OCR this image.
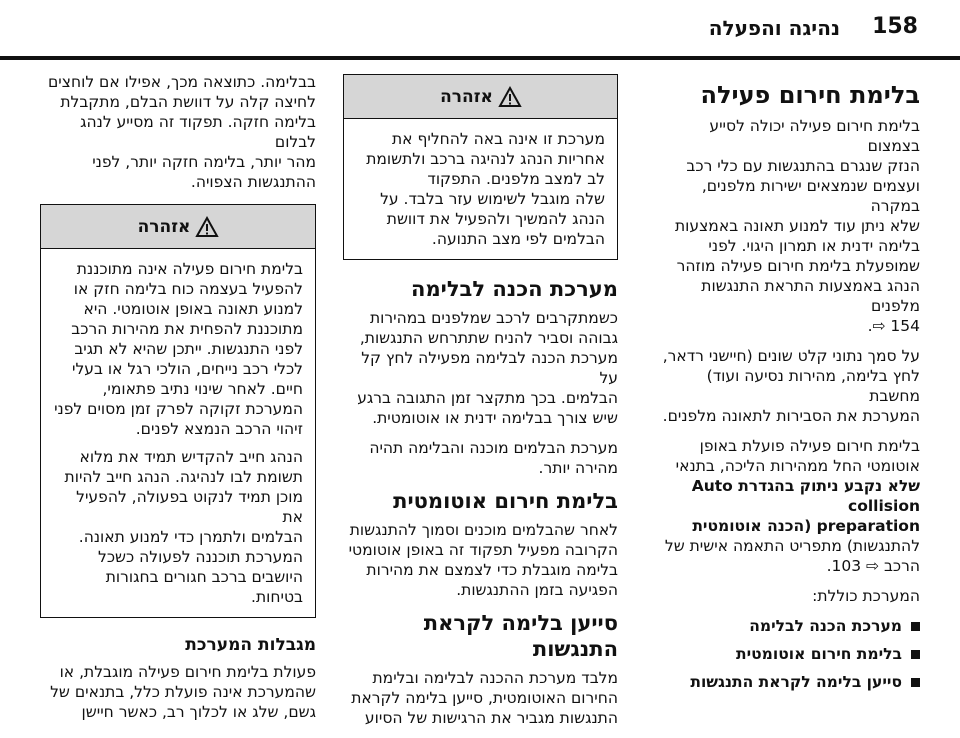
נהיגה והפעלה 158
בלימת חירום פעילה
בלימת חירום פעילה יכולה לסייע בצמצום
הנזק שנגרם בהתנגשות עם כלי רכב
ועצמים שנמצאים ישירות מלפנים, במקרה
שלא ניתן עוד למנוע תאונה באמצעות
בלימה ידנית או תמרון היגוי. לפני
שמופעלת בלימת חירום פעילה מוזהר
הנהג באמצעות התראת התנגשות מלפנים
154 ⇨.
על סמך נתוני קלט שונים (חיישני רדאר,
לחץ בלימה, מהירות נסיעה ועוד) מחשבת
המערכת את הסבירות לתאונה מלפנים.
בלימת חירום פעילה פועלת באופן
אוטומטי החל ממהירות הליכה, בתנאי
שלא נקבע ניתוק בהגדרת Auto collision
preparation (הכנה אוטומטית
להתנגשות) מתפריט התאמה אישית של
הרכב ⇨ 103.
המערכת כוללת:
מערכת הכנה לבלימה
בלימת חירום אוטומטית
סייען בלימה לקראת התנגשות
אזהרה
מערכת זו אינה באה להחליף את
אחריות הנהג לנהיגה ברכב ולתשומת
לב למצב מלפנים. התפקוד
שלה מוגבל לשימוש עזר בלבד. על
הנהג להמשיך ולהפעיל את דוושת
הבלמים לפי מצב התנועה.
מערכת הכנה לבלימה
כשמתקרבים לרכב שמלפנים במהירות
גבוהה וסביר להניח שתתרחש התנגשות,
מערכת הכנה לבלימה מפעילה לחץ קל על
הבלמים. בכך מתקצר זמן התגובה ברגע
שיש צורך בבלימה ידנית או אוטומטית.
מערכת הבלמים מוכנה והבלימה תהיה
מהירה יותר.
בלימת חירום אוטומטית
לאחר שהבלמים מוכנים וסמוך להתנגשות
הקרובה מפעיל תפקוד זה באופן אוטומטי
בלימה מוגבלת כדי לצמצם את מהירות
הפגיעה בזמן ההתנגשות.
סייען בלימה לקראת התנגשות
מלבד מערכת ההכנה לבלימה ובלימת
החירום האוטומטית, סייען בלימה לקראת
התנגשות מגביר את הרגישות של הסיוע
בבלימה. כתוצאה מכך, אפילו אם לוחצים
לחיצה קלה על דוושת הבלם, מתקבלת
בלימה חזקה. תפקוד זה מסייע לנהג לבלום
מהר יותר, בלימה חזקה יותר, לפני
ההתנגשות הצפויה.
אזהרה
בלימת חירום פעילה אינה מתוכננת
להפעיל בעצמה כוח בלימה חזק או
למנוע תאונה באופן אוטומטי. היא
מתוכננת להפחית את מהירות הרכב
לפני התנגשות. ייתכן שהיא לא תגיב
לכלי רכב נייחים, הולכי רגל או בעלי
חיים. לאחר שינוי נתיב פתאומי,
המערכת זקוקה לפרק זמן מסוים לפני
זיהוי הרכב הנמצא לפנים.
הנהג חייב להקדיש תמיד את מלוא
תשומת לבו לנהיגה. הנהג חייב להיות
מוכן תמיד לנקוט בפעולה, להפעיל את
הבלמים ולתמרן כדי למנוע תאונה.
המערכת תוכננה לפעולה כשכל
היושבים ברכב חגורים בחגורות
בטיחות.
מגבלות המערכת
פעולת בלימת חירום פעילה מוגבלת, או
שהמערכת אינה פועלת כלל, בתנאים של
גשם, שלג או לכלוך רב, כאשר חיישן
